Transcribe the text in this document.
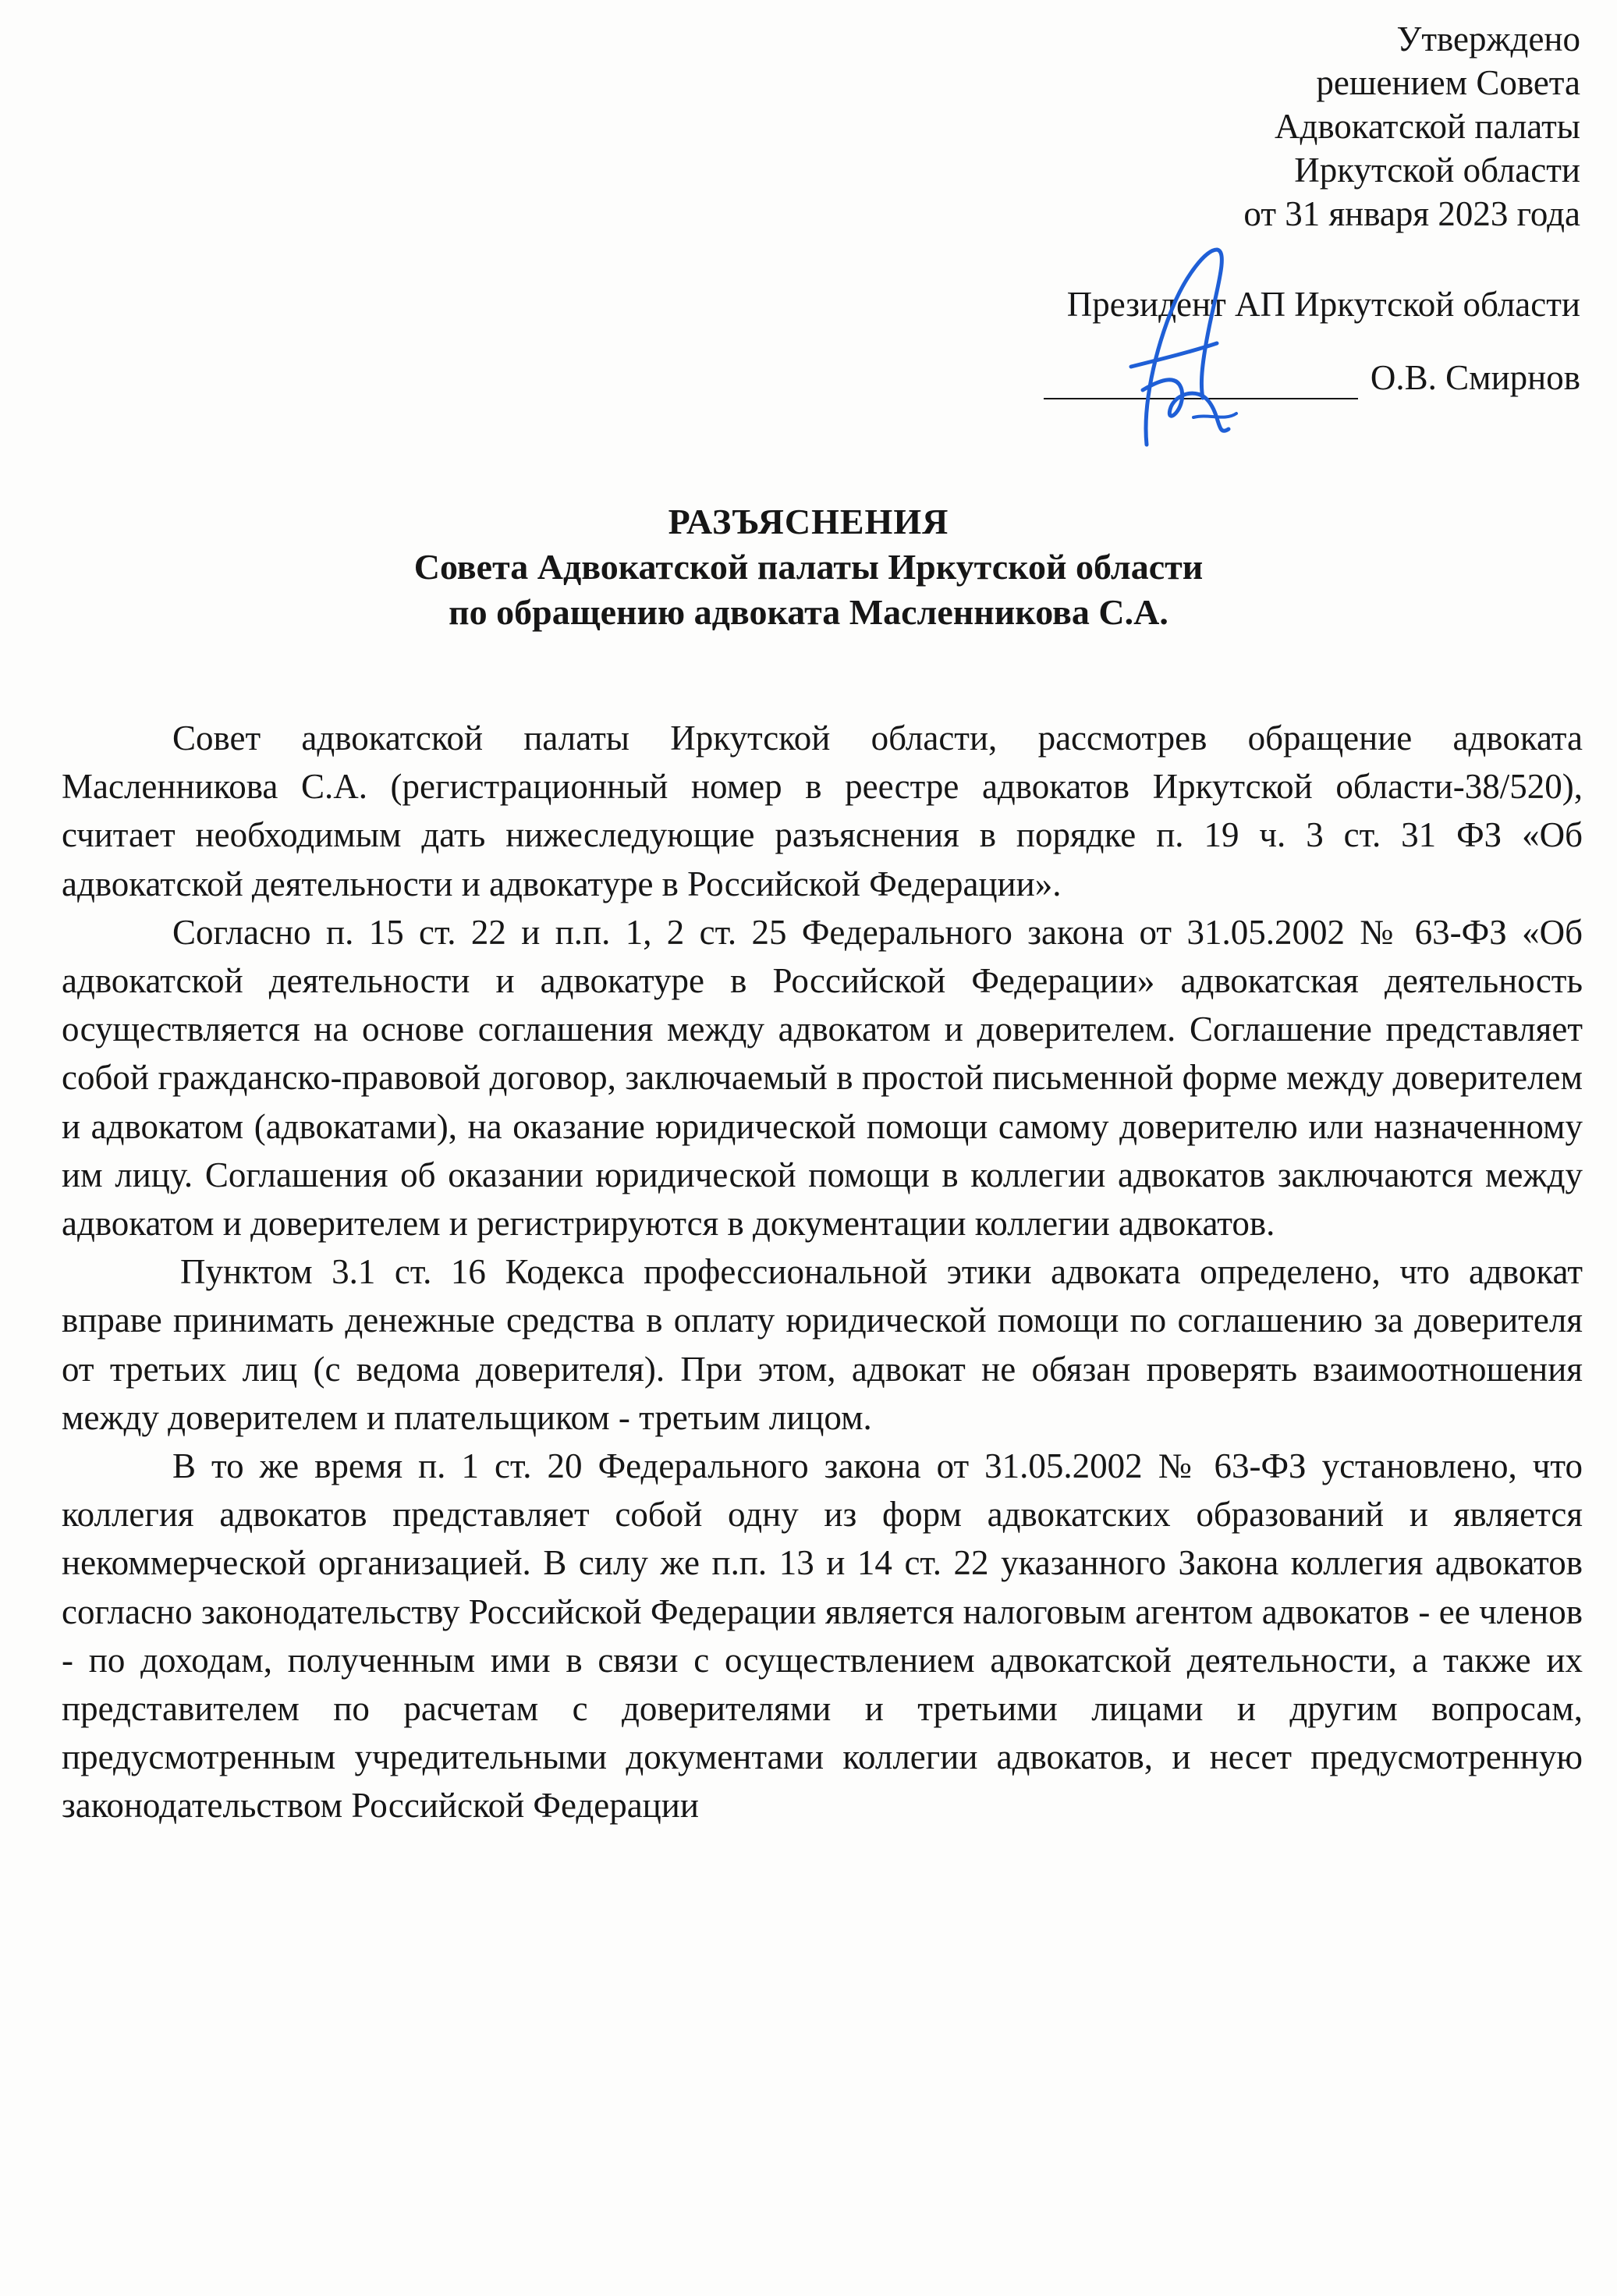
Утверждено
решением Совета
Адвокатской палаты
Иркутской области
от 31 января 2023 года
Президент АП Иркутской области
О.В. Смирнов
РАЗЪЯСНЕНИЯ
Совета Адвокатской палаты Иркутской области
по обращению адвоката Масленникова С.А.

Совет адвокатской палаты Иркутской области, рассмотрев обращение адвоката Масленникова С.А. (регистрационный номер в реестре адвокатов Иркутской области-38/520), считает необходимым дать нижеследующие разъяснения в порядке п. 19 ч. 3 ст. 31 ФЗ «Об адвокатской деятельности и адвокатуре в Российской Федерации».

Согласно п. 15 ст. 22 и п.п. 1, 2 ст. 25 Федерального закона от 31.05.2002 № 63-ФЗ «Об адвокатской деятельности и адвокатуре в Российской Федерации» адвокатская деятельность осуществляется на основе соглашения между адвокатом и доверителем. Соглашение представляет собой гражданско-правовой договор, заключаемый в простой письменной форме между доверителем и адвокатом (адвокатами), на оказание юридической помощи самому доверителю или назначенному им лицу. Соглашения об оказании юридической помощи в коллегии адвокатов заключаются между адвокатом и доверителем и регистрируются в документации коллегии адвокатов.

Пунктом 3.1 ст. 16 Кодекса профессиональной этики адвоката определено, что адвокат вправе принимать денежные средства в оплату юридической помощи по соглашению за доверителя от третьих лиц (с ведома доверителя). При этом, адвокат не обязан проверять взаимоотношения между доверителем и плательщиком - третьим лицом.

В то же время п. 1 ст. 20 Федерального закона от 31.05.2002 № 63-ФЗ установлено, что коллегия адвокатов представляет собой одну из форм адвокатских образований и является некоммерческой организацией. В силу же п.п. 13 и 14 ст. 22 указанного Закона коллегия адвокатов согласно законодательству Российской Федерации является налоговым агентом адвокатов - ее членов - по доходам, полученным ими в связи с осуществлением адвокатской деятельности, а также их представителем по расчетам с доверителями и третьими лицами и другим вопросам, предусмотренным учредительными документами коллегии адвокатов, и несет предусмотренную законодательством Российской Федерации
